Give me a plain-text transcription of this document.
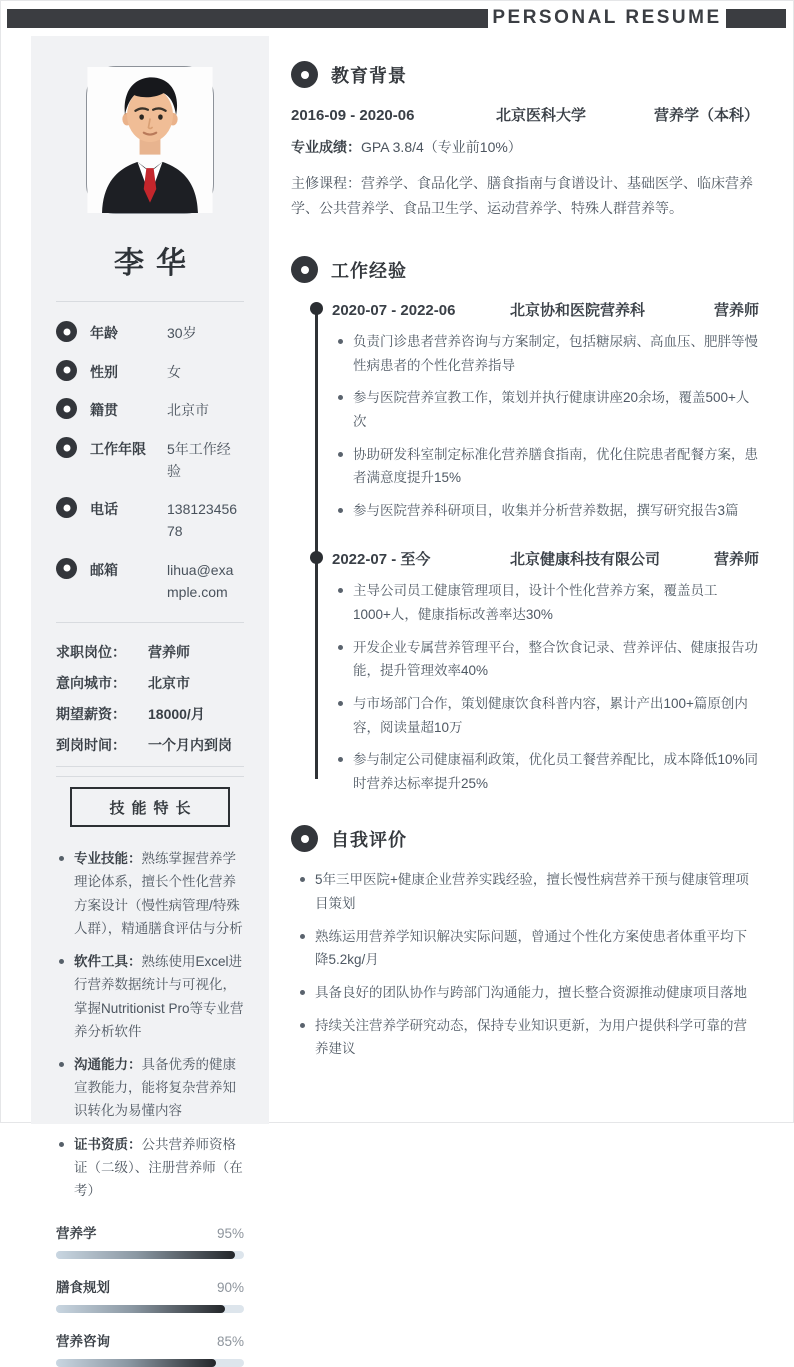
PERSONAL RESUME
李华
年龄	30岁
性别	女
籍贯	北京市
工作年限	5年工作经验
电话	13812345678
邮箱	lihua@example.com
求职岗位：	营养师
意向城市：	北京市
期望薪资：	18000/月
到岗时间：	一个月内到岗
技能特长
专业技能：熟练掌握营养学理论体系，擅长个性化营养方案设计（慢性病管理/特殊人群），精通膳食评估与分析
软件工具：熟练使用Excel进行营养数据统计与可视化，掌握Nutritionist Pro等专业营养分析软件
沟通能力：具备优秀的健康宣教能力，能将复杂营养知识转化为易懂内容
证书资质：公共营养师资格证（二级）、注册营养师（在考）
营养学	95%
膳食规划	90%
营养咨询	85%
教育背景
2016-09 - 2020-06	北京医科大学	营养学（本科）
专业成绩：GPA 3.8/4（专业前10%）

主修课程：营养学、食品化学、膳食指南与食谱设计、基础医学、临床营养学、公共营养学、食品卫生学、运动营养学、特殊人群营养等。

工作经验
2020-07 - 2022-06	北京协和医院营养科	营养师
负责门诊患者营养咨询与方案制定，包括糖尿病、高血压、肥胖等慢性病患者的个性化营养指导
参与医院营养宣教工作，策划并执行健康讲座20余场，覆盖500+人次
协助研发科室制定标准化营养膳食指南，优化住院患者配餐方案，患者满意度提升15%
参与医院营养科研项目，收集并分析营养数据，撰写研究报告3篇
2022-07 - 至今	北京健康科技有限公司	营养师
主导公司员工健康管理项目，设计个性化营养方案，覆盖员工1000+人，健康指标改善率达30%
开发企业专属营养管理平台，整合饮食记录、营养评估、健康报告功能，提升管理效率40%
与市场部门合作，策划健康饮食科普内容，累计产出100+篇原创内容，阅读量超10万
参与制定公司健康福利政策，优化员工餐营养配比，成本降低10%同时营养达标率提升25%
自我评价
5年三甲医院+健康企业营养实践经验，擅长慢性病营养干预与健康管理项目策划
熟练运用营养学知识解决实际问题，曾通过个性化方案使患者体重平均下降5.2kg/月
具备良好的团队协作与跨部门沟通能力，擅长整合资源推动健康项目落地
持续关注营养学研究动态，保持专业知识更新，为用户提供科学可靠的营养建议
